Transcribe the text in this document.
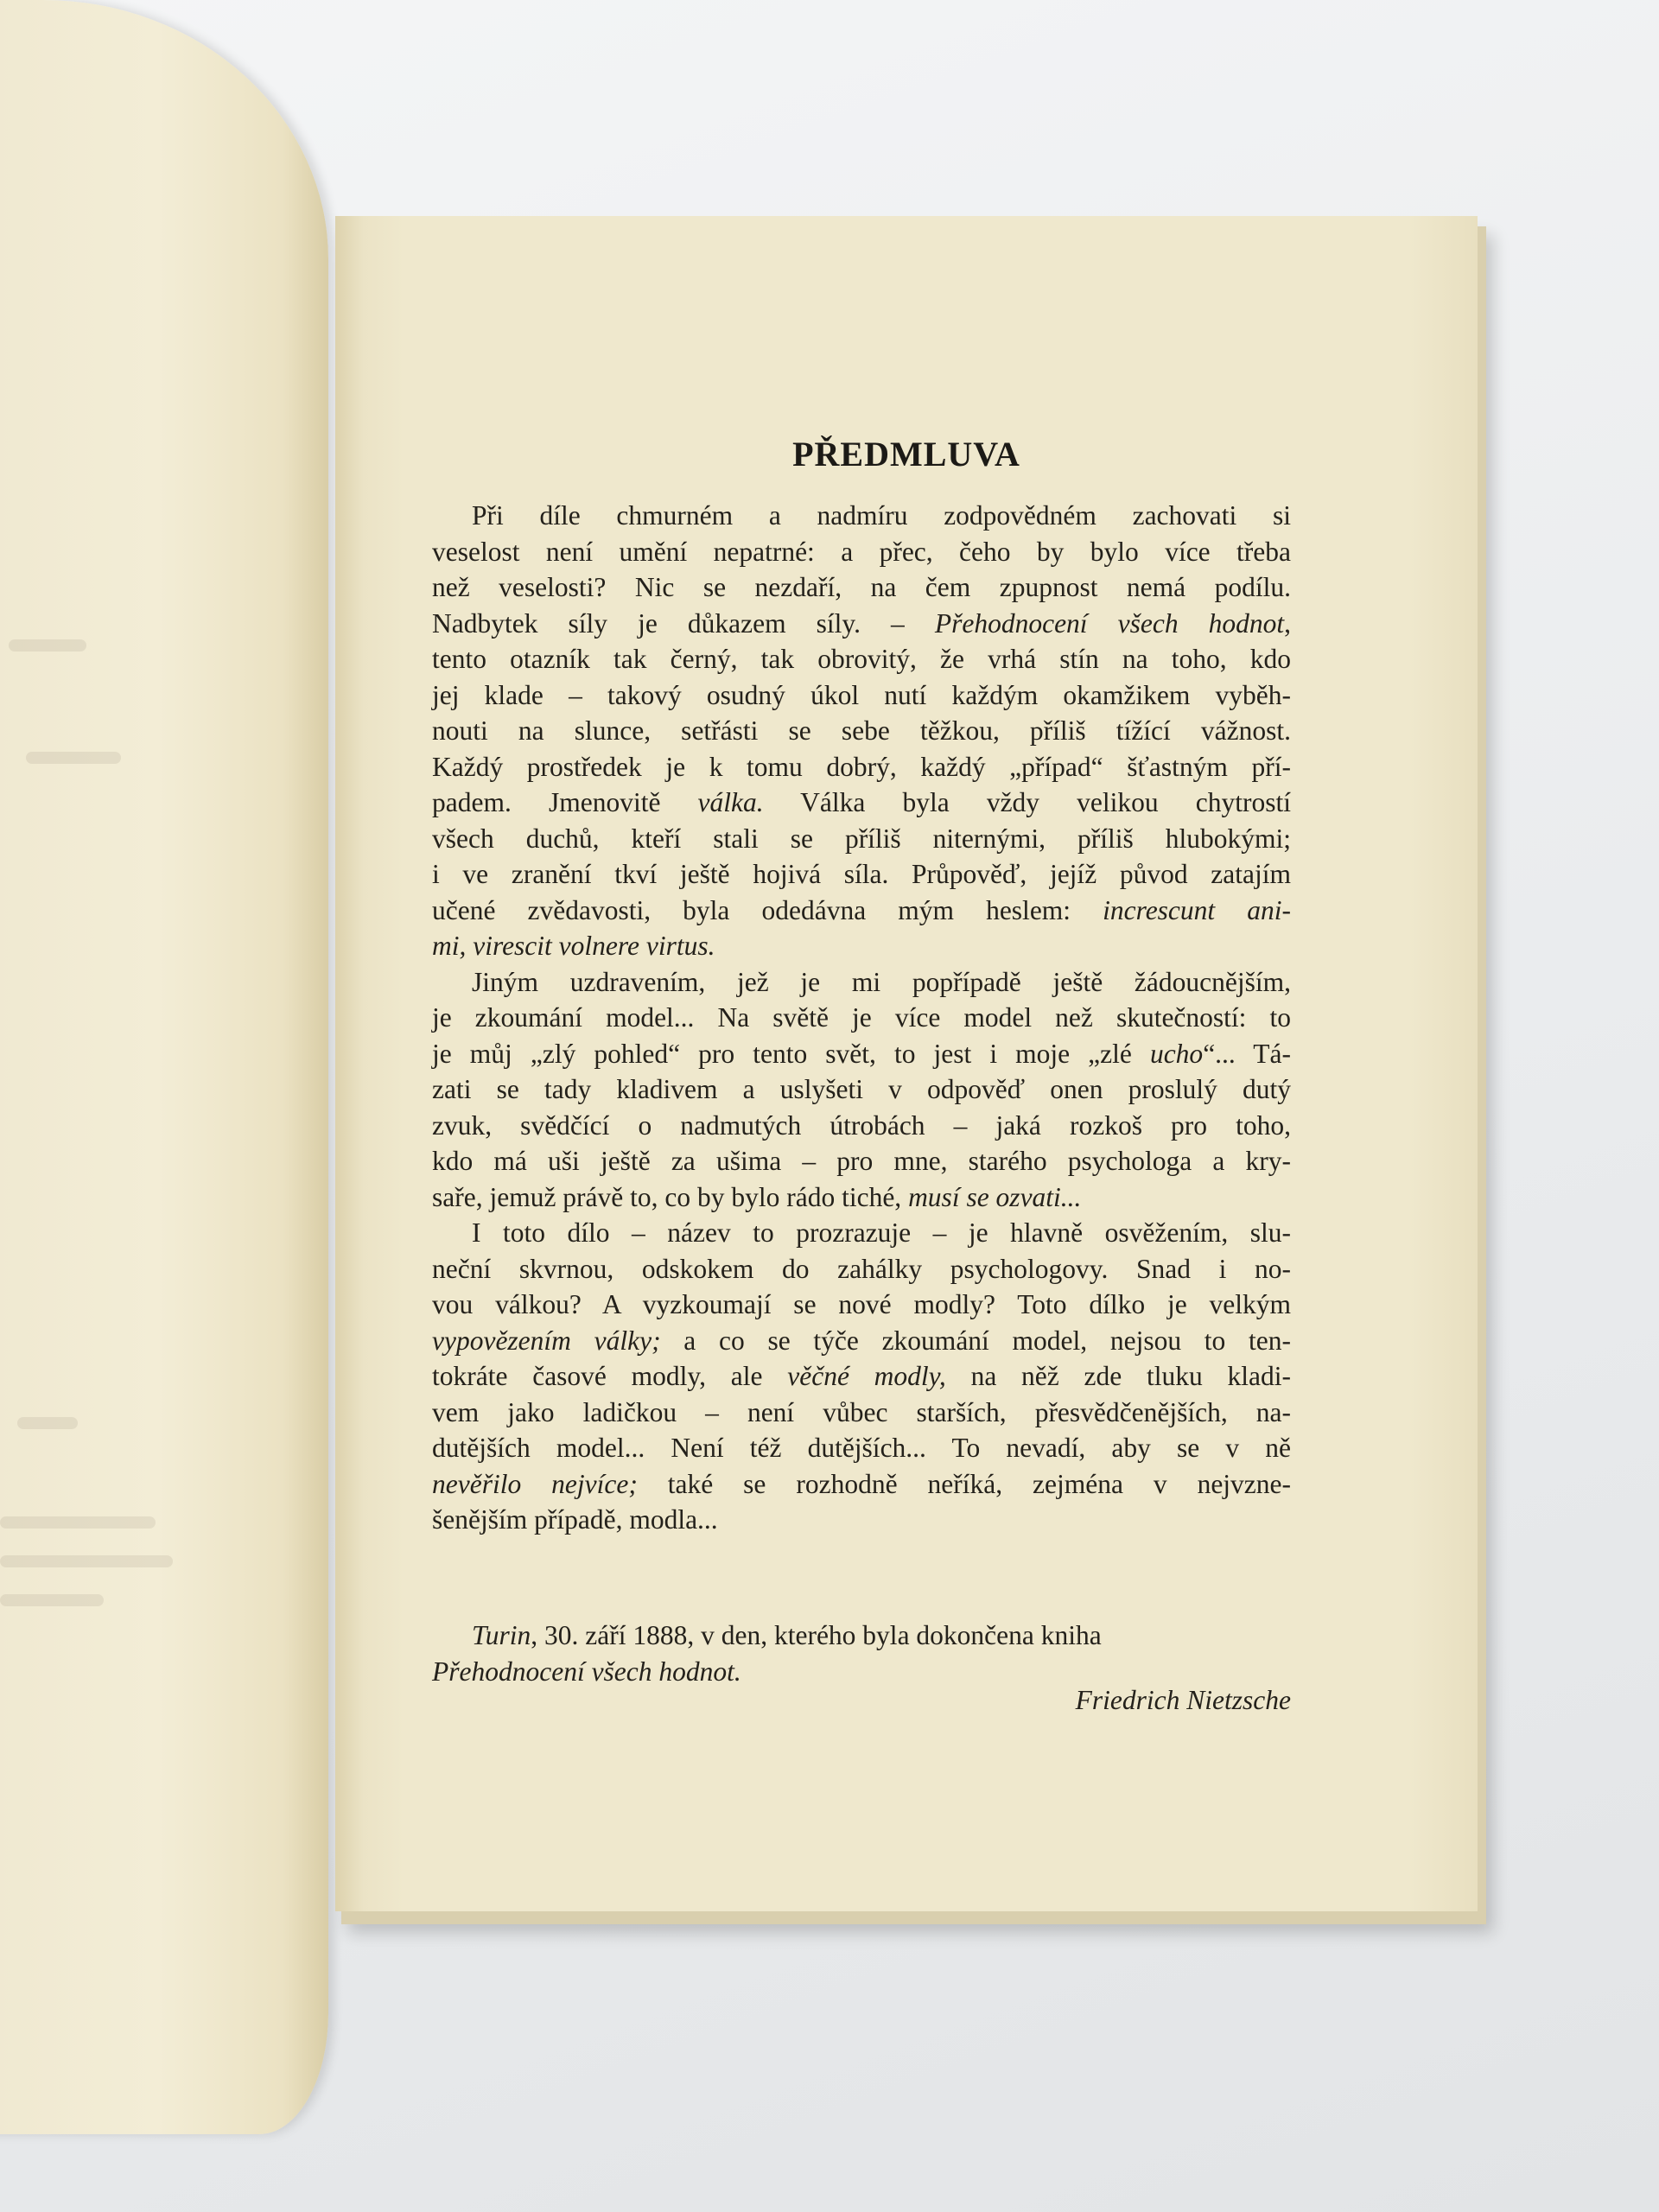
PŘEDMLUVA
Při díle chmurném a nadmíru zodpovědném zachovati si
veselost není umění nepatrné: a přec, čeho by bylo více třeba
než veselosti? Nic se nezdaří, na čem zpupnost nemá podílu.
Nadbytek síly je důkazem síly. – Přehodnocení všech hodnot,
tento otazník tak černý, tak obrovitý, že vrhá stín na toho, kdo
jej klade – takový osudný úkol nutí každým okamžikem vyběh-
nouti na slunce, setřásti se sebe těžkou, příliš tížící vážnost.
Každý prostředek je k tomu dobrý, každý „případ“ šťastným pří-
padem. Jmenovitě válka. Válka byla vždy velikou chytrostí
všech duchů, kteří stali se příliš niternými, příliš hlubokými;
i ve zranění tkví ještě hojivá síla. Průpověď, jejíž původ zatajím
učené zvědavosti, byla odedávna mým heslem: increscunt ani-
mi, virescit volnere virtus.
Jiným uzdravením, jež je mi popřípadě ještě žádoucnějším,
je zkoumání model... Na světě je více model než skutečností: to
je můj „zlý pohled“ pro tento svět, to jest i moje „zlé ucho“... Tá-
zati se tady kladivem a uslyšeti v odpověď onen proslulý dutý
zvuk, svědčící o nadmutých útrobách – jaká rozkoš pro toho,
kdo má uši ještě za ušima – pro mne, starého psychologa a kry-
saře, jemuž právě to, co by bylo rádo tiché, musí se ozvati...
I toto dílo – název to prozrazuje – je hlavně osvěžením, slu-
neční skvrnou, odskokem do zahálky psychologovy. Snad i no-
vou válkou? A vyzkoumají se nové modly? Toto dílko je velkým
vypovězením války; a co se týče zkoumání model, nejsou to ten-
tokráte časové modly, ale věčné modly, na něž zde tluku kladi-
vem jako ladičkou – není vůbec starších, přesvědčenějších, na-
dutějších model... Není též dutějších... To nevadí, aby se v ně
nevěřilo nejvíce; také se rozhodně neříká, zejména v nejvzne-
šenějším případě, modla...
Turin, 30. září 1888, v den, kterého byla dokončena kniha
Přehodnocení všech hodnot.
Friedrich Nietzsche
